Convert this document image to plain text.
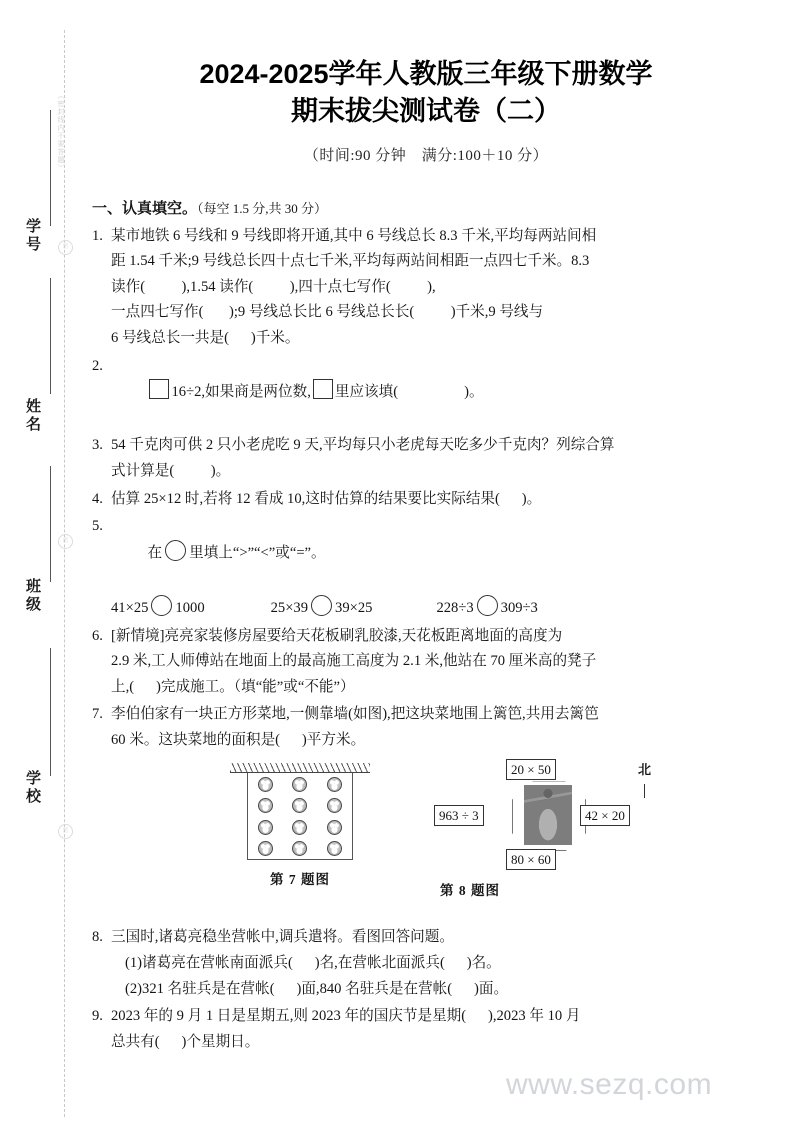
（密封线内不要答题）
学号
姓名
班级
学校
密
密
密
2024-2025学年人教版三年级下册数学
期末拔尖测试卷（二）
（时间:90 分钟　满分:100＋10 分）
一、认真填空。（每空 1.5 分,共 30 分）
1. 某市地铁 6 号线和 9 号线即将开通,其中 6 号线总长 8.3 千米,平均每两站间相
距 1.54 千米;9 号线总长四十点七千米,平均每两站间相距一点四七千米。8.3
读作(          ),1.54 读作(          ),四十点七写作(          ),
一点四七写作(       );9 号线总长比 6 号线总长长(          )千米,9 号线与
6 号线总长一共是(      )千米。
2.

16÷2,如果商是两位数, 里应该填(	)。

3. 54 千克肉可供 2 只小老虎吃 9 天,平均每只小老虎每天吃多少千克肉？列综合算
式计算是(          )。
4. 估算 25×12 时,若将 12 看成 10,这时估算的结果要比实际结果(      )。
5.

在 里填上“>”“<”或“=”。

41×25 1000	25×39 39×25	228÷3 309÷3
6. [新情境]亮亮家装修房屋要给天花板刷乳胶漆,天花板距离地面的高度为
2.9 米,工人师傅站在地面上的最高施工高度为 2.1 米,他站在 70 厘米高的凳子
上,(      )完成施工。（填“能”或“不能”）
7. 李伯伯家有一块正方形菜地,一侧靠墙(如图),把这块菜地围上篱笆,共用去篱笆
60 米。这块菜地的面积是(      )平方米。
第 7 题图
20 × 50
80 × 60
963 ÷ 3	42 × 20
北
第 8 题图
8. 三国时,诸葛亮稳坐营帐中,调兵遣将。看图回答问题。
(1)诸葛亮在营帐南面派兵(      )名,在营帐北面派兵(      )名。
(2)321 名驻兵是在营帐(      )面,840 名驻兵是在营帐(      )面。
9. 2023 年的 9 月 1 日是星期五,则 2023 年的国庆节是星期(      ),2023 年 10 月
总共有(      )个星期日。
www.sezq.com
